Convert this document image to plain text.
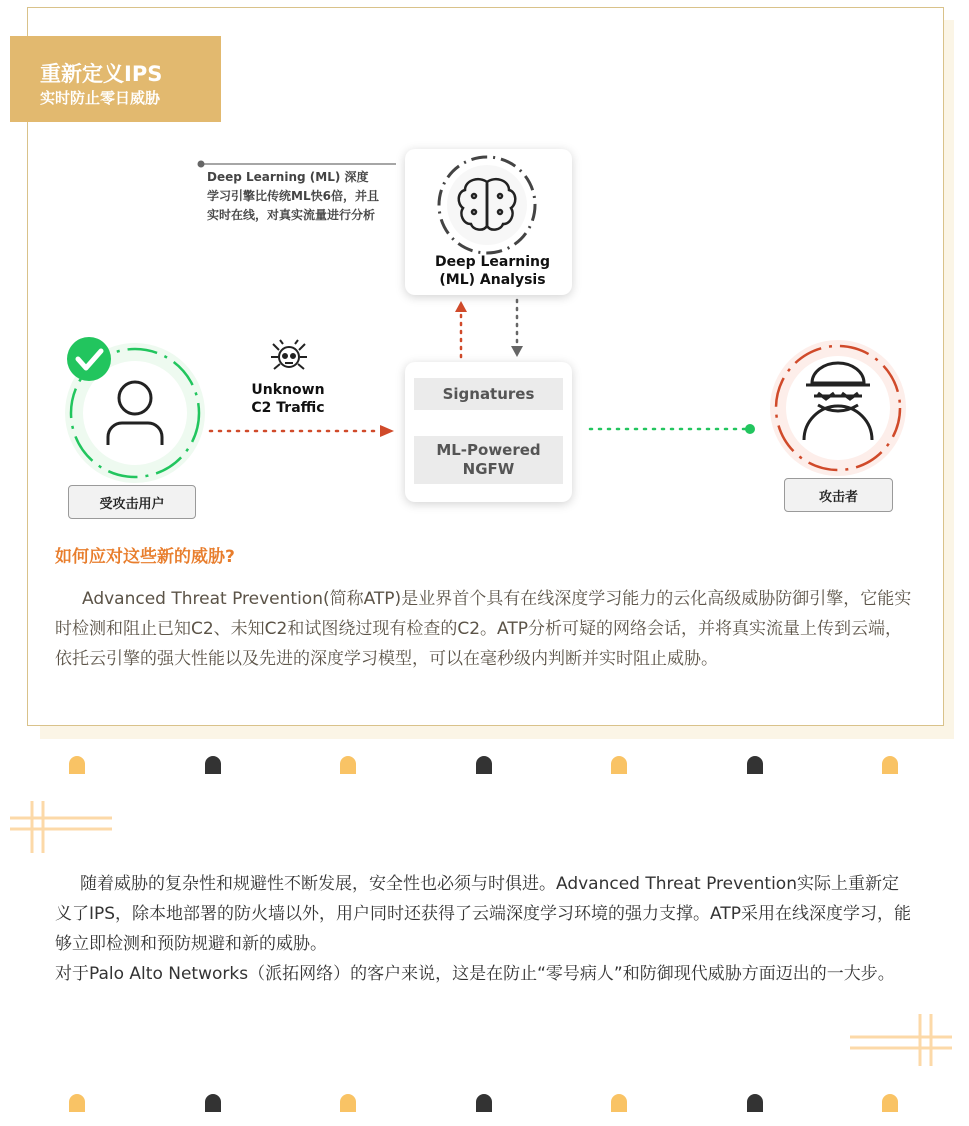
重新定义IPS
实时防止零日威胁
Deep Learning
(ML) Analysis
Deep Learning (ML) 深度学习引擎比传统ML快6倍，并且实时在线，对真实流量进行分析
Signatures
ML-Powered
NGFW
Unknown
C2 Traffic
受攻击用户	攻击者
如何应对这些新的威胁?
Advanced Threat Prevention(简称ATP)是业界首个具有在线深度学习能力的云化高级威胁防御引擎，它能实时检测和阻止已知C2、未知C2和试图绕过现有检查的C2。ATP分析可疑的网络会话，并将真实流量上传到云端，依托云引擎的强大性能以及先进的深度学习模型，可以在毫秒级内判断并实时阻止威胁。
随着威胁的复杂性和规避性不断发展，安全性也必须与时俱进。Advanced Threat Prevention实际上重新定义了IPS，除本地部署的防火墙以外，用户同时还获得了云端深度学习环境的强力支撑。ATP采用在线深度学习，能够立即检测和预防规避和新的威胁。
对于Palo Alto Networks（派拓网络）的客户来说，这是在防止“零号病人”和防御现代威胁方面迈出的一大步。
